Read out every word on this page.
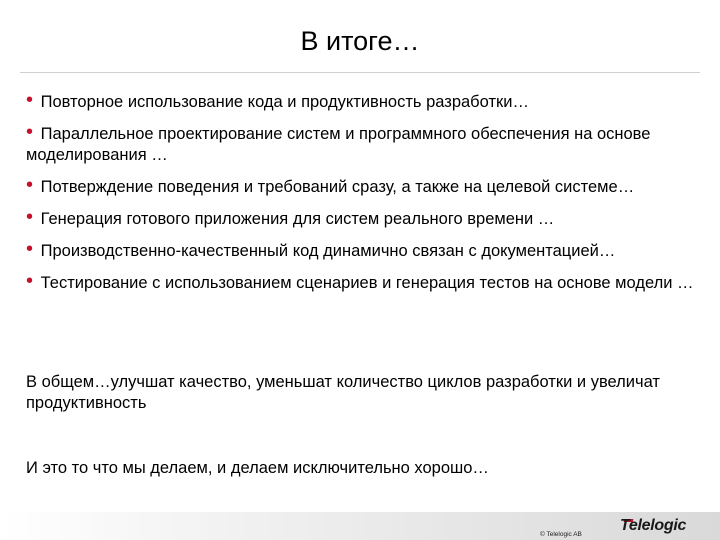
В итоге…
• Повторное использование кода и продуктивность разработки…
• Параллельное проектирование систем и программного обеспечения на основе моделирования …
• Потверждение поведения и требований сразу, а также на целевой системе…
• Генерация готового приложения для систем реального времени …
• Производственно-качественный код динамично связан с документацией…
• Тестирование с использованием сценариев и генерация тестов на основе модели …

В общем…улучшат качество, уменьшат количество циклов разработки и увеличат продуктивность

И это то что мы делаем, и делаем исключительно хорошо…

© Telelogic AB
Telelogic
